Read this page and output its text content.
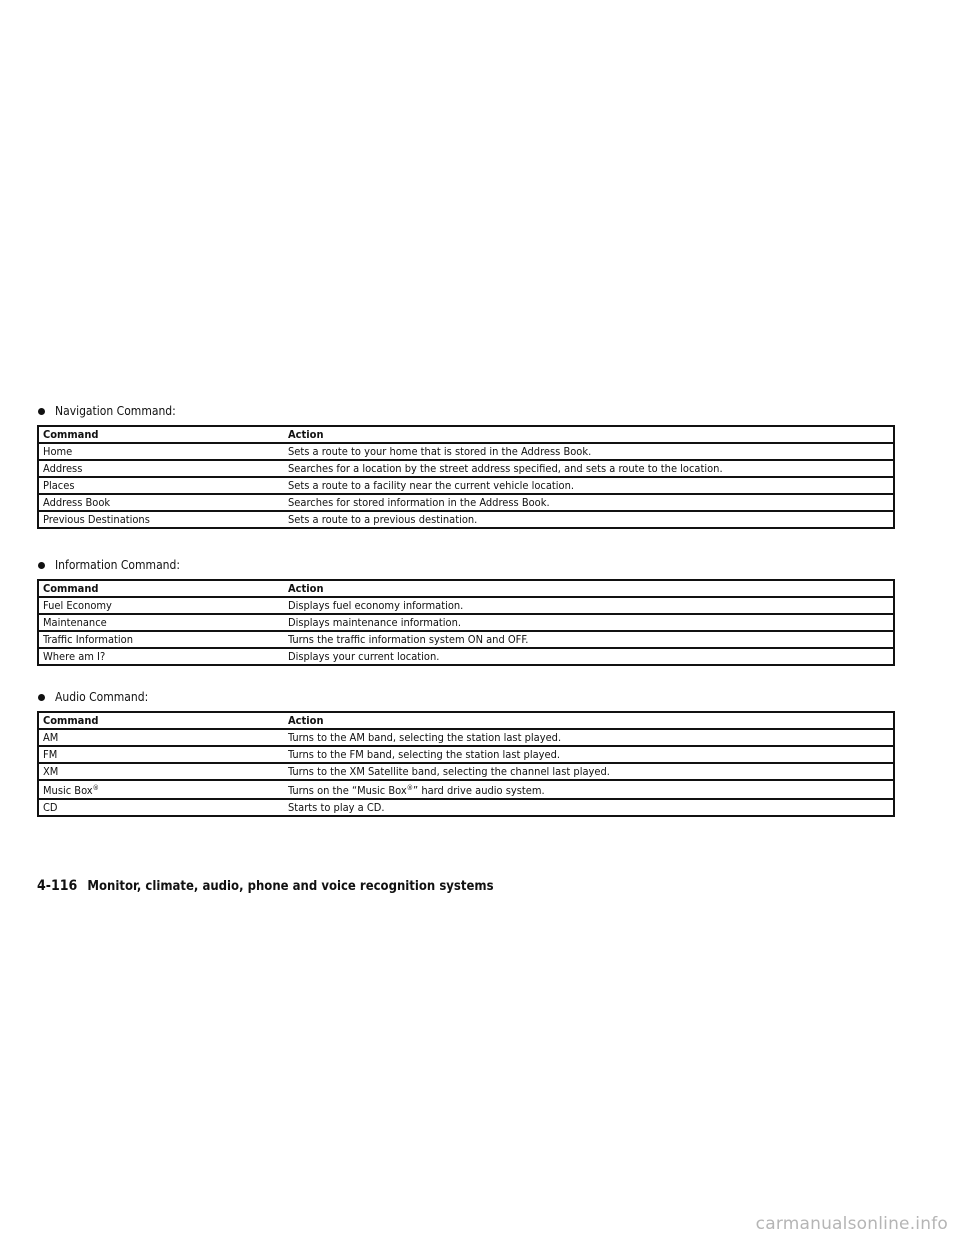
Navigation Command:
Command	Action
Home	Sets a route to your home that is stored in the Address Book.
Address	Searches for a location by the street address specified, and sets a route to the location.
Places	Sets a route to a facility near the current vehicle location.
Address Book	Searches for stored information in the Address Book.
Previous Destinations	Sets a route to a previous destination.
Information Command:
Command	Action
Fuel Economy	Displays fuel economy information.
Maintenance	Displays maintenance information.
Traffic Information	Turns the traffic information system ON and OFF.
Where am I?	Displays your current location.
Audio Command:
Command	Action
AM	Turns to the AM band, selecting the station last played.
FM	Turns to the FM band, selecting the station last played.
XM	Turns to the XM Satellite band, selecting the channel last played.
Music Box®	Turns on the “Music Box®” hard drive audio system.
CD	Starts to play a CD.
4-116 Monitor, climate, audio, phone and voice recognition systems
carmanualsonline.info
